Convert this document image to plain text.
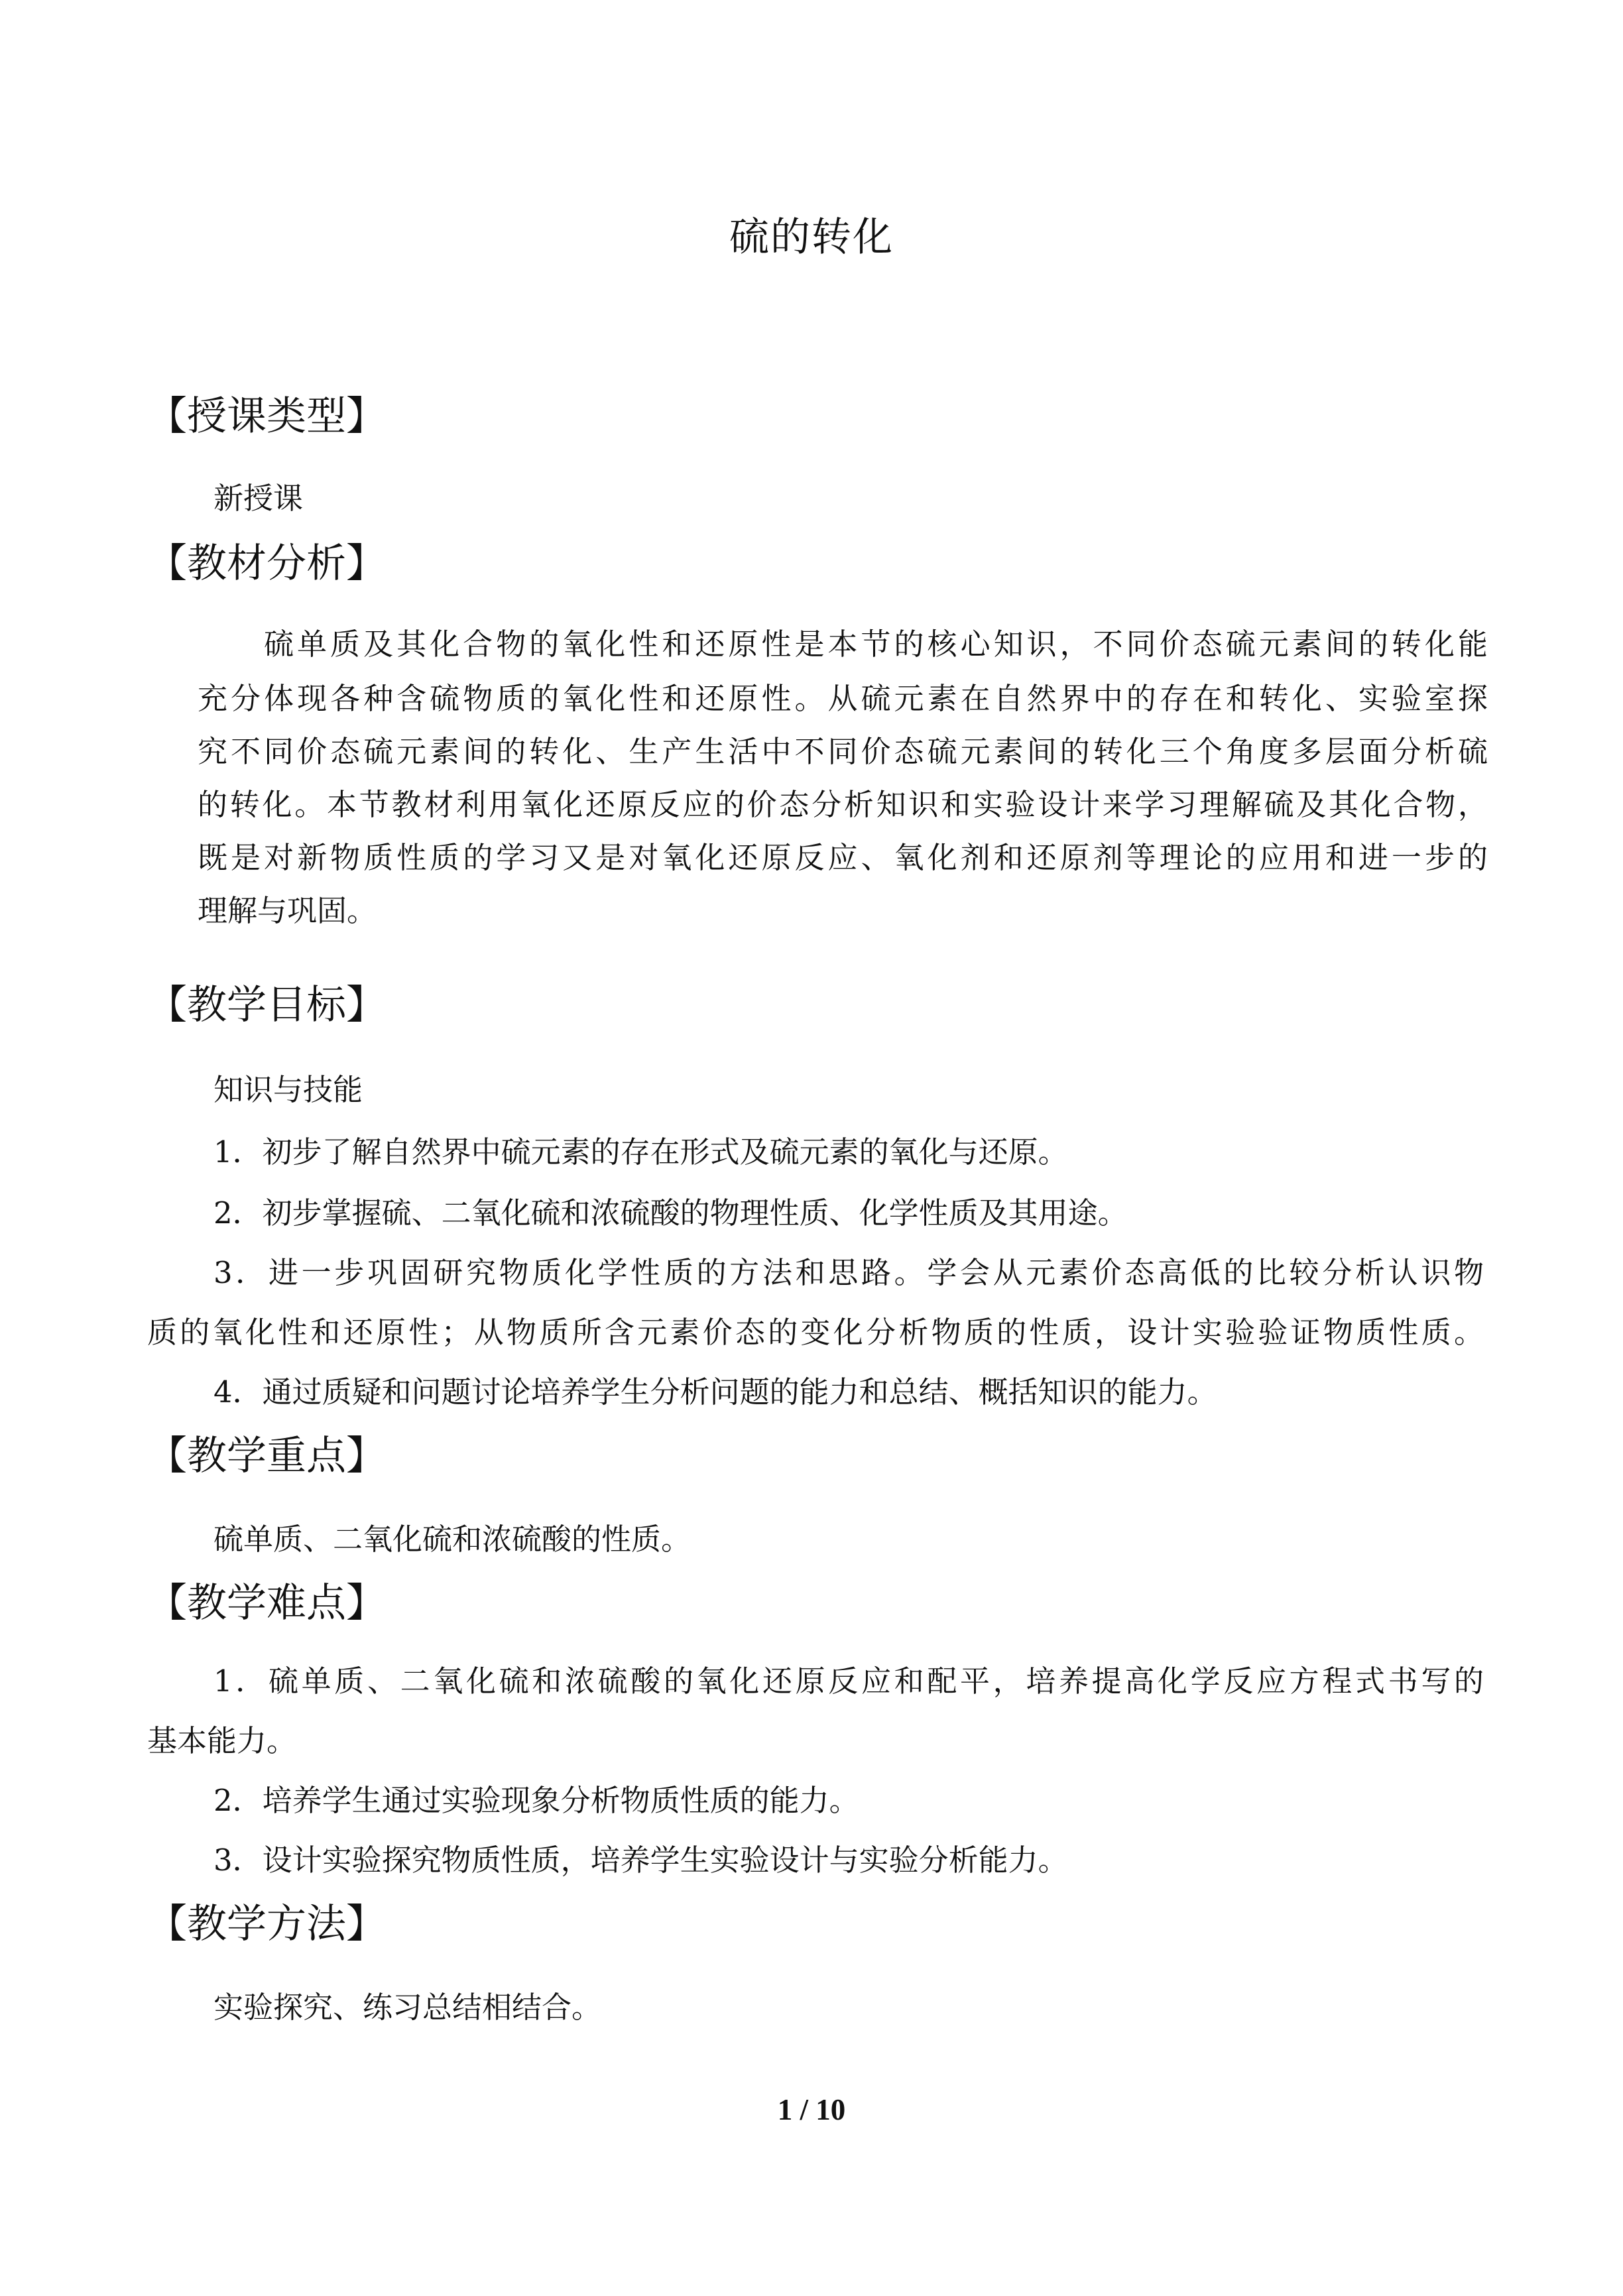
硫的转化
【授课类型】
新授课
【教材分析】
硫单质及其化合物的氧化性和还原性是本节的核心知识，不同价态硫元素间的转化能
充分体现各种含硫物质的氧化性和还原性。从硫元素在自然界中的存在和转化、实验室探
究不同价态硫元素间的转化、生产生活中不同价态硫元素间的转化三个角度多层面分析硫
的转化。本节教材利用氧化还原反应的价态分析知识和实验设计来学习理解硫及其化合物，
既是对新物质性质的学习又是对氧化还原反应、氧化剂和还原剂等理论的应用和进一步的
理解与巩固。
【教学目标】
知识与技能
1．初步了解自然界中硫元素的存在形式及硫元素的氧化与还原。
2．初步掌握硫、二氧化硫和浓硫酸的物理性质、化学性质及其用途。
3．进一步巩固研究物质化学性质的方法和思路。学会从元素价态高低的比较分析认识物
质的氧化性和还原性；从物质所含元素价态的变化分析物质的性质，设计实验验证物质性质。
4．通过质疑和问题讨论培养学生分析问题的能力和总结、概括知识的能力。
【教学重点】
硫单质、二氧化硫和浓硫酸的性质。
【教学难点】
1．硫单质、二氧化硫和浓硫酸的氧化还原反应和配平，培养提高化学反应方程式书写的
基本能力。
2．培养学生通过实验现象分析物质性质的能力。
3．设计实验探究物质性质，培养学生实验设计与实验分析能力。
【教学方法】
实验探究、练习总结相结合。
1 / 10
